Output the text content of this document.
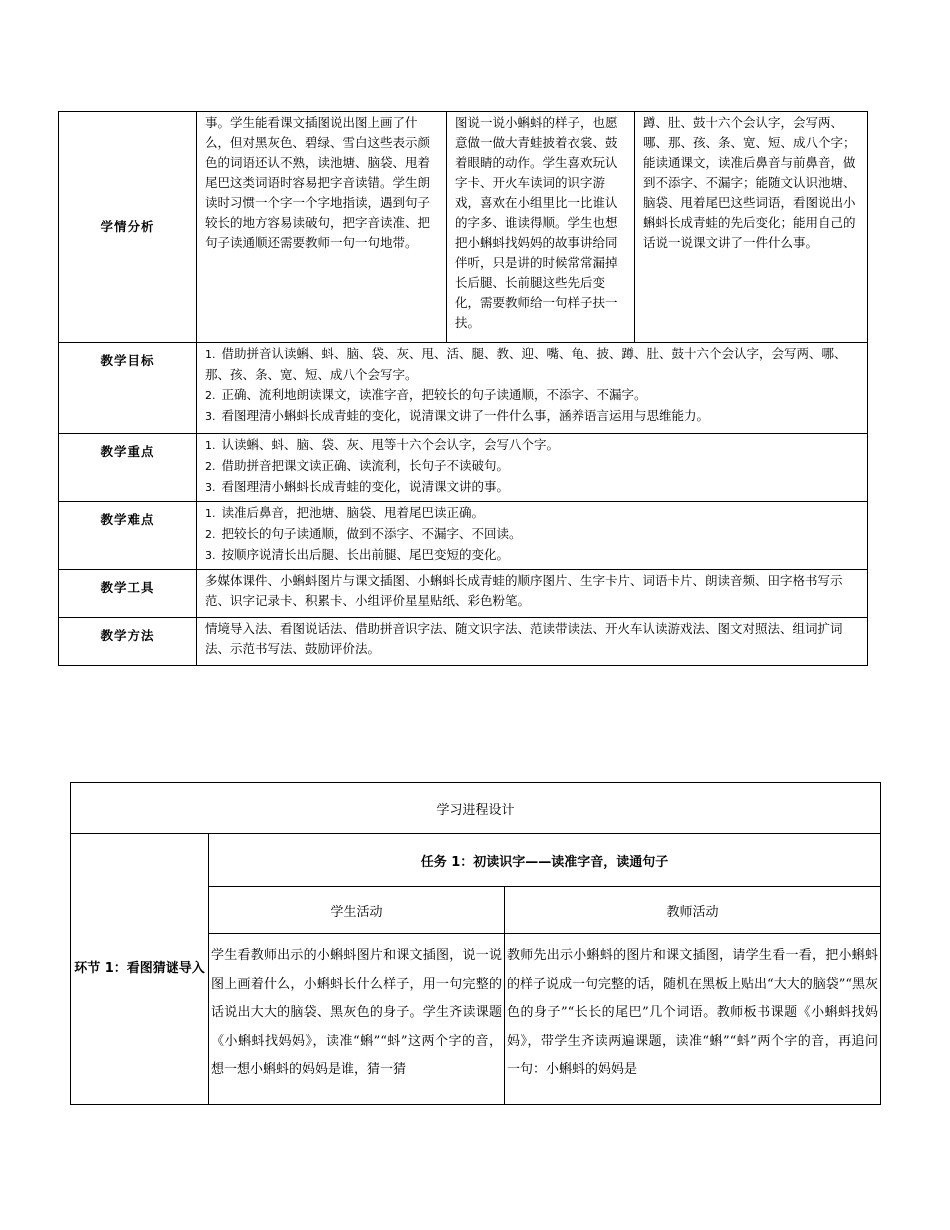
学情分析	事。学生能看课文插图说出图上画了什么，但对黑灰色、碧绿、雪白这些表示颜色的词语还认不熟，读池塘、脑袋、甩着尾巴这类词语时容易把字音读错。学生朗读时习惯一个字一个字地指读，遇到句子较长的地方容易读破句，把字音读准、把句子读通顺还需要教师一句一句地带。	图说一说小蝌蚪的样子，也愿意做一做大青蛙披着衣裳、鼓着眼睛的动作。学生喜欢玩认字卡、开火车读词的识字游戏，喜欢在小组里比一比谁认的字多、谁读得顺。学生也想把小蝌蚪找妈妈的故事讲给同伴听，只是讲的时候常常漏掉长后腿、长前腿这些先后变化，需要教师给一句样子扶一扶。	蹲、肚、鼓十六个会认字，会写两、哪、那、孩、条、宽、短、成八个字；能读通课文，读准后鼻音与前鼻音，做到不添字、不漏字；能随文认识池塘、脑袋、甩着尾巴这些词语，看图说出小蝌蚪长成青蛙的先后变化；能用自己的话说一说课文讲了一件什么事。
教学目标	1. 借助拼音认读蝌、蚪、脑、袋、灰、甩、活、腿、教、迎、嘴、龟、披、蹲、肚、鼓十六个会认字，会写两、哪、那、孩、条、宽、短、成八个会写字。
2. 正确、流利地朗读课文，读准字音，把较长的句子读通顺，不添字、不漏字。
3. 看图理清小蝌蚪长成青蛙的变化，说清课文讲了一件什么事，涵养语言运用与思维能力。		

教学重点	1. 认读蝌、蚪、脑、袋、灰、甩等十六个会认字，会写八个字。
2. 借助拼音把课文读正确、读流利，长句子不读破句。
3. 看图理清小蝌蚪长成青蛙的变化，说清课文讲的事。		

教学难点	1. 读准后鼻音，把池塘、脑袋、甩着尾巴读正确。
2. 把较长的句子读通顺，做到不添字、不漏字、不回读。
3. 按顺序说清长出后腿、长出前腿、尾巴变短的变化。		

教学工具	多媒体课件、小蝌蚪图片与课文插图、小蝌蚪长成青蛙的顺序图片、生字卡片、词语卡片、朗读音频、田字格书写示范、识字记录卡、积累卡、小组评价星星贴纸、彩色粉笔。		
教学方法	情境导入法、看图说话法、借助拼音识字法、随文识字法、范读带读法、开火车认读游戏法、图文对照法、组词扩词法、示范书写法、鼓励评价法。		
学习进程设计		
环节 1：看图猜谜导入	任务 1：初读识字——读准字音，读通句子	
	学生活动	教师活动

	学生看教师出示的小蝌蚪图片和课文插图，说一说图上画着什么，小蝌蚪长什么样子，用一句完整的话说出大大的脑袋、黑灰色的身子。学生齐读课题《小蝌蚪找妈妈》，读准“蝌”“蚪”这两个字的音，想一想小蝌蚪的妈妈是谁，猜一猜	教师先出示小蝌蚪的图片和课文插图，请学生看一看，把小蝌蚪的样子说成一句完整的话，随机在黑板上贴出“大大的脑袋”“黑灰色的身子”“长长的尾巴”几个词语。教师板书课题《小蝌蚪找妈妈》，带学生齐读两遍课题，读准“蝌”“蚪”两个字的音，再追问一句：小蝌蚪的妈妈是
